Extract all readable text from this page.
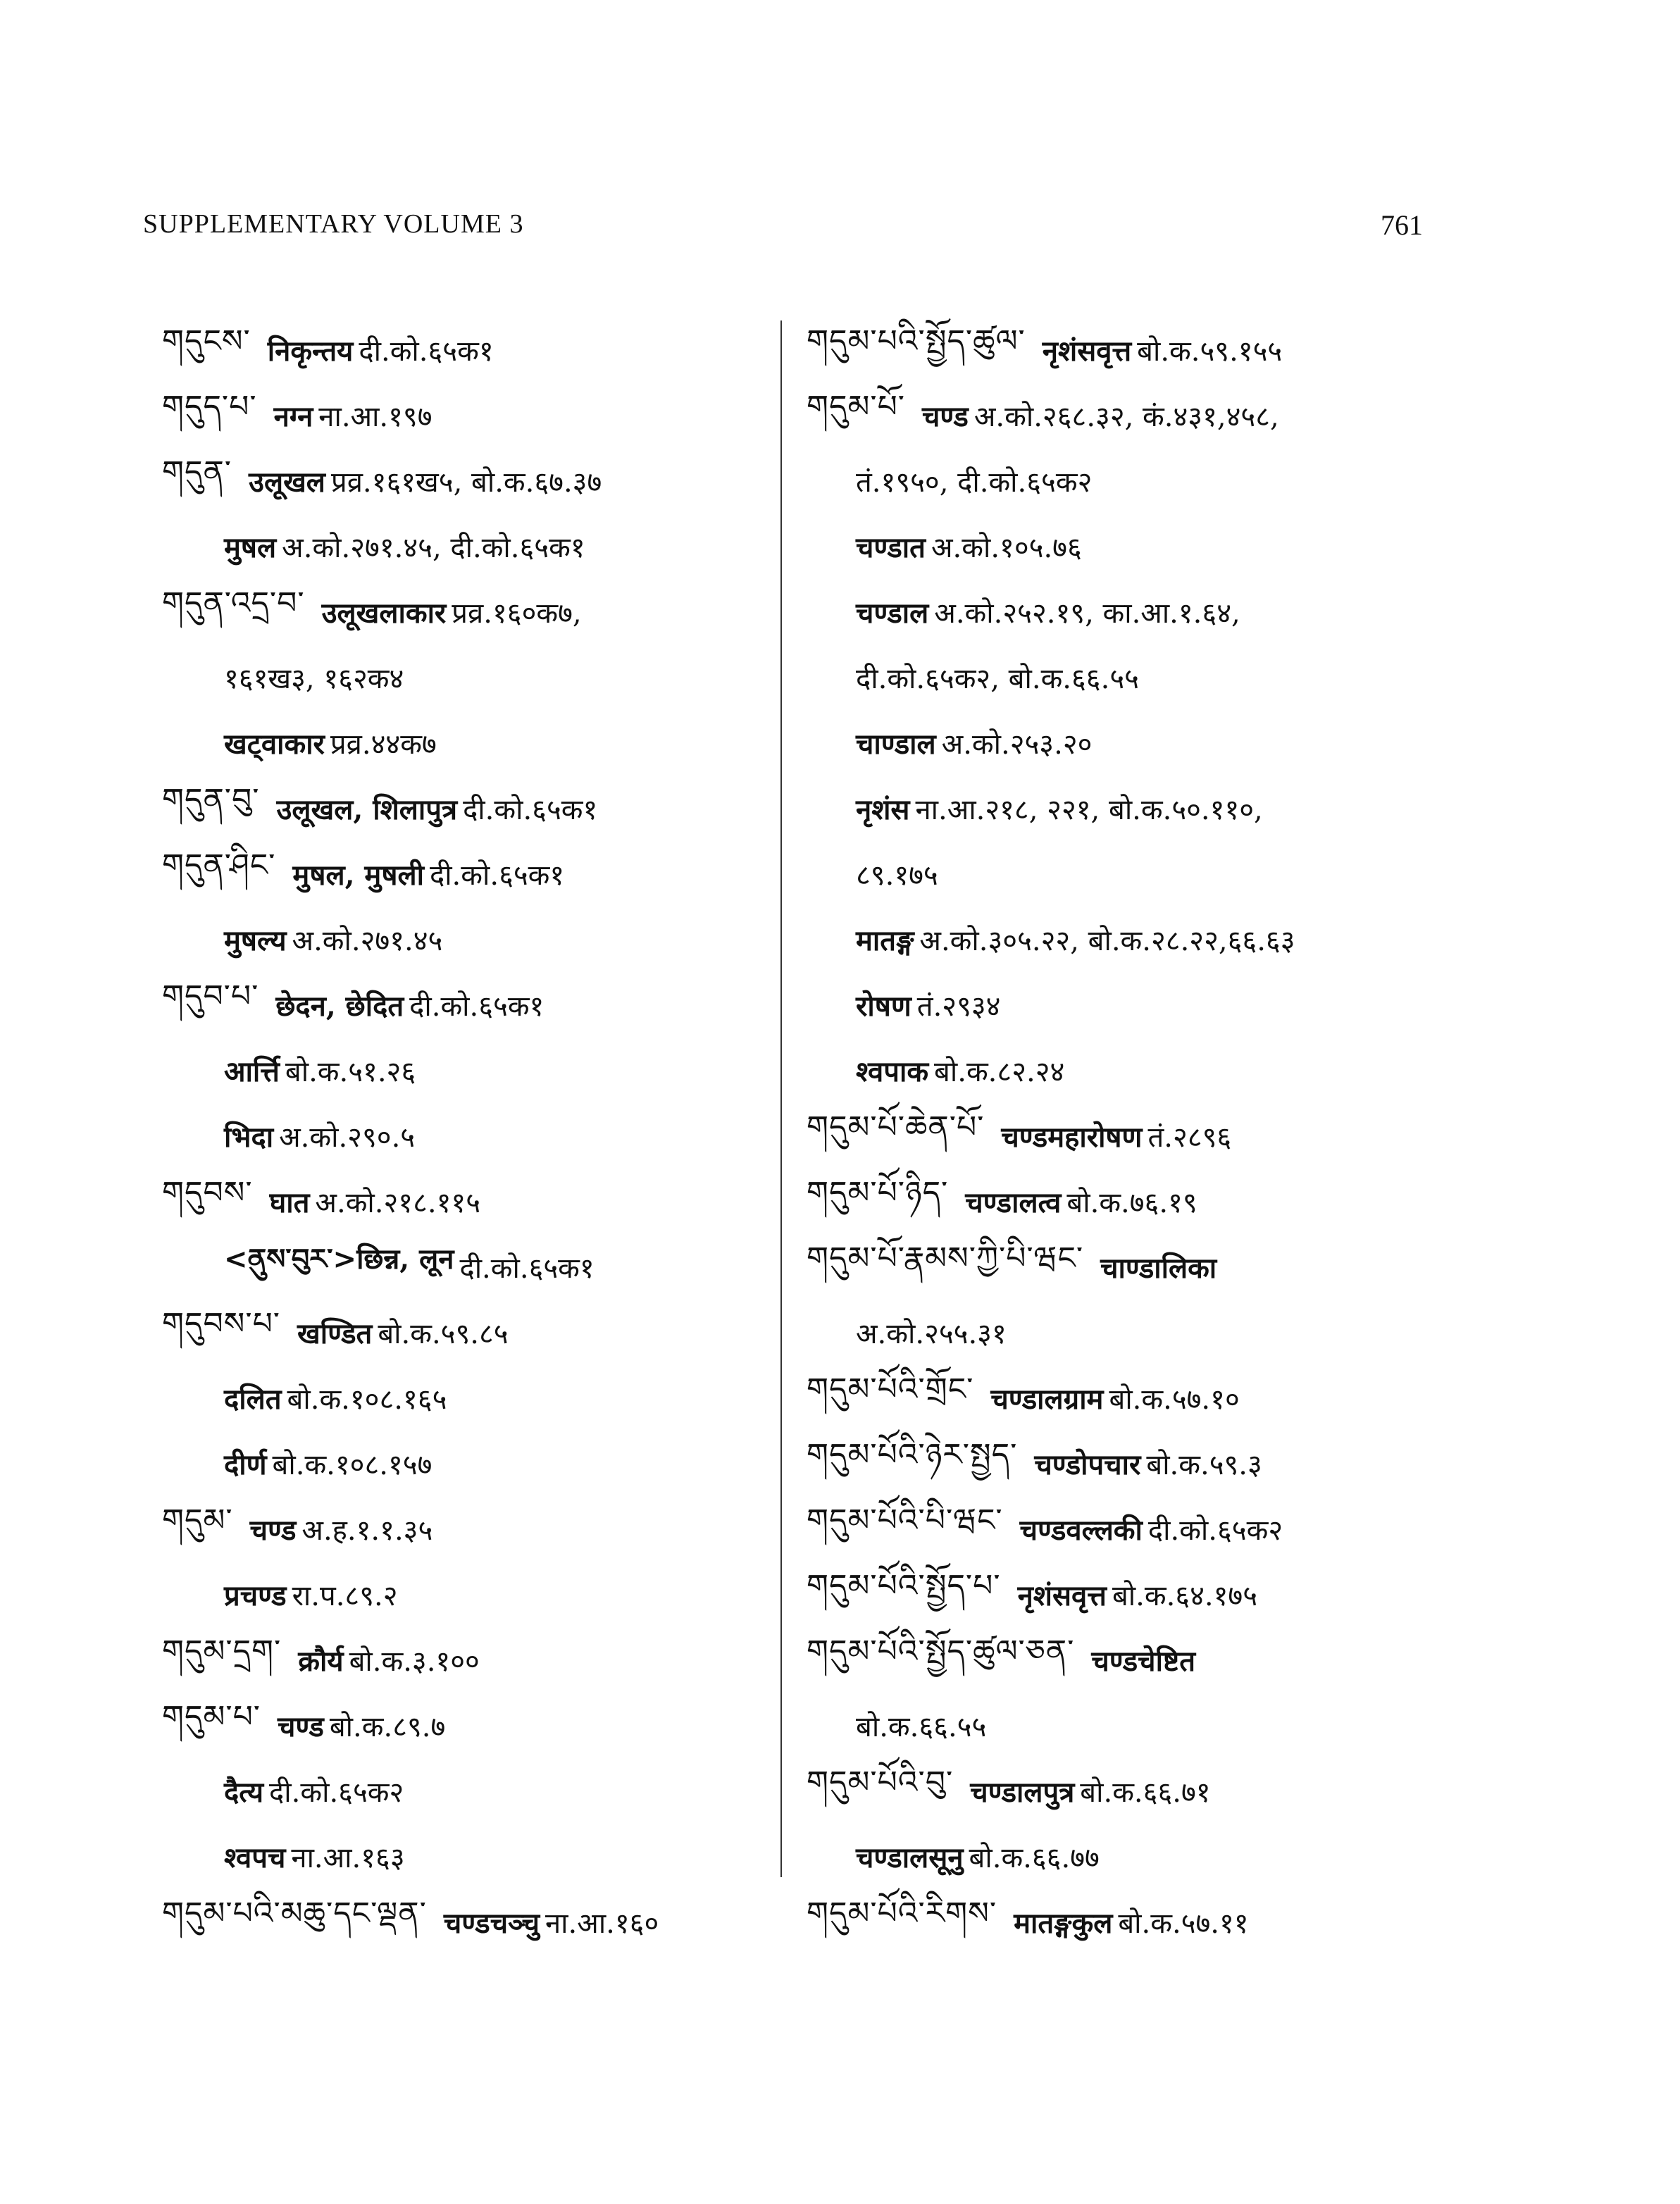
SUPPLEMENTARY VOLUME 3	761
གདུངས་ निकृन्तय दी.को.६५क१
གདུད་པ་ नग्न ना.आ.१९७
གདུན་ उलूखल प्रव्र.१६१ख५, बो.क.६७.३७
मुषल अ.को.२७१.४५, दी.को.६५क१
གདུན་འདྲ་བ་ उलूखलाकार प्रव्र.१६०क७,
१६१ख३, १६२क४
खट्वाकार प्रव्र.४४क७
གདུན་བུ་ उलूखल, शिलापुत्र दी.को.६५क१
གདུན་ཤིང་ मुषल, मुषली दी.को.६५क१
मुषल्य अ.को.२७१.४५
གདུབ་པ་ छेदन, छेदित दी.को.६५क१
आर्त्ति बो.क.५१.२६
भिदा अ.को.२९०.५
གདུབས་ घात अ.को.२१८.११५
<ནུས་བུར་>छिन्न, लून दी.को.६५क१
གདུབས་པ་ खण्डित बो.क.५९.८५
दलित बो.क.१०८.१६५
दीर्ण बो.क.१०८.१५७
གདུམ་ चण्ड अ.ह.१.१.३५
प्रचण्ड रा.प.८९.२
གདུམ་དྲག་ क्रौर्य बो.क.३.१००
གདུམ་པ་ चण्ड बो.क.८९.७
दैत्य दी.को.६५क२
श्वपच ना.आ.१६३
གདུམ་པའི་མཆུ་དང་ལྡན་ चण्डचञ्चु ना.आ.१६०
གདུམ་པའི་སྤྱོད་ཚུལ་ नृशंसवृत्त बो.क.५९.१५५
གདུམ་པོ་ चण्ड अ.को.२६८.३२, कं.४३१,४५८,
तं.१९५०, दी.को.६५क२
चण्डात अ.को.१०५.७६
चण्डाल अ.को.२५२.१९, का.आ.१.६४,
दी.को.६५क२, बो.क.६६.५५
चाण्डाल अ.को.२५३.२०
नृशंस ना.आ.२१८, २२१, बो.क.५०.११०,
८९.१७५
मातङ्ग अ.को.३०५.२२, बो.क.२८.२२,६६.६३
रोषण तं.२९३४
श्वपाक बो.क.८२.२४
གདུམ་པོ་ཆེན་པོ་ चण्डमहारोषण तं.२८९६
གདུམ་པོ་ཉིད་ चण्डालत्व बो.क.७६.१९
གདུམ་པོ་རྣམས་ཀྱི་པི་ཝང་ चाण्डालिका
अ.को.२५५.३१
གདུམ་པོའི་གྲོང་ चण्डालग्राम बो.क.५७.१०
གདུམ་པོའི་ཉེར་སྤྱད་ चण्डोपचार बो.क.५९.३
གདུམ་པོའི་པི་ཝང་ चण्डवल्लकी दी.को.६५क२
གདུམ་པོའི་སྤྱོད་པ་ नृशंसवृत्त बो.क.६४.१७५
གདུམ་པོའི་སྤྱོད་ཚུལ་ཅན་ चण्डचेष्टित
बो.क.६६.५५
གདུམ་པོའི་བུ་ चण्डालपुत्र बो.क.६६.७१
चण्डालसूनु बो.क.६६.७७
གདུམ་པོའི་རིགས་ मातङ्गकुल बो.क.५७.११
